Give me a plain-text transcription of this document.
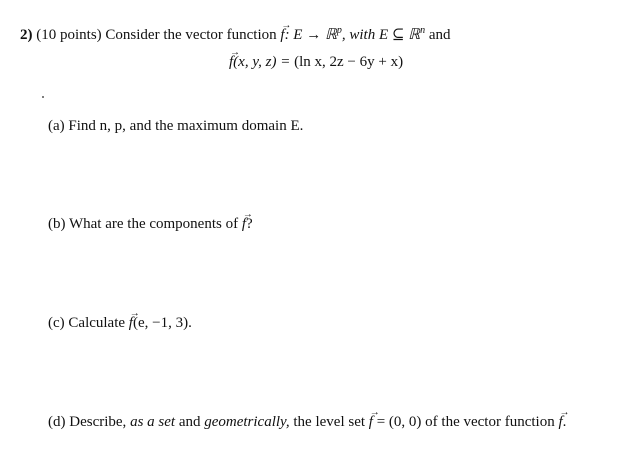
2) (10 points) Consider the vector function → f: E → ℝ$^p$, with E ⊆ ℝ$^n$ and
→ f(x, y, z) = (ln x, 2z − 6y + x)
(a) Find n, p, and the maximum domain E.
(b) What are the components of → f?
(c) Calculate → f(e, −1, 3).
(d) Describe, as a set and geometrically, the level set → f = (0, 0) of the vector function → f.
